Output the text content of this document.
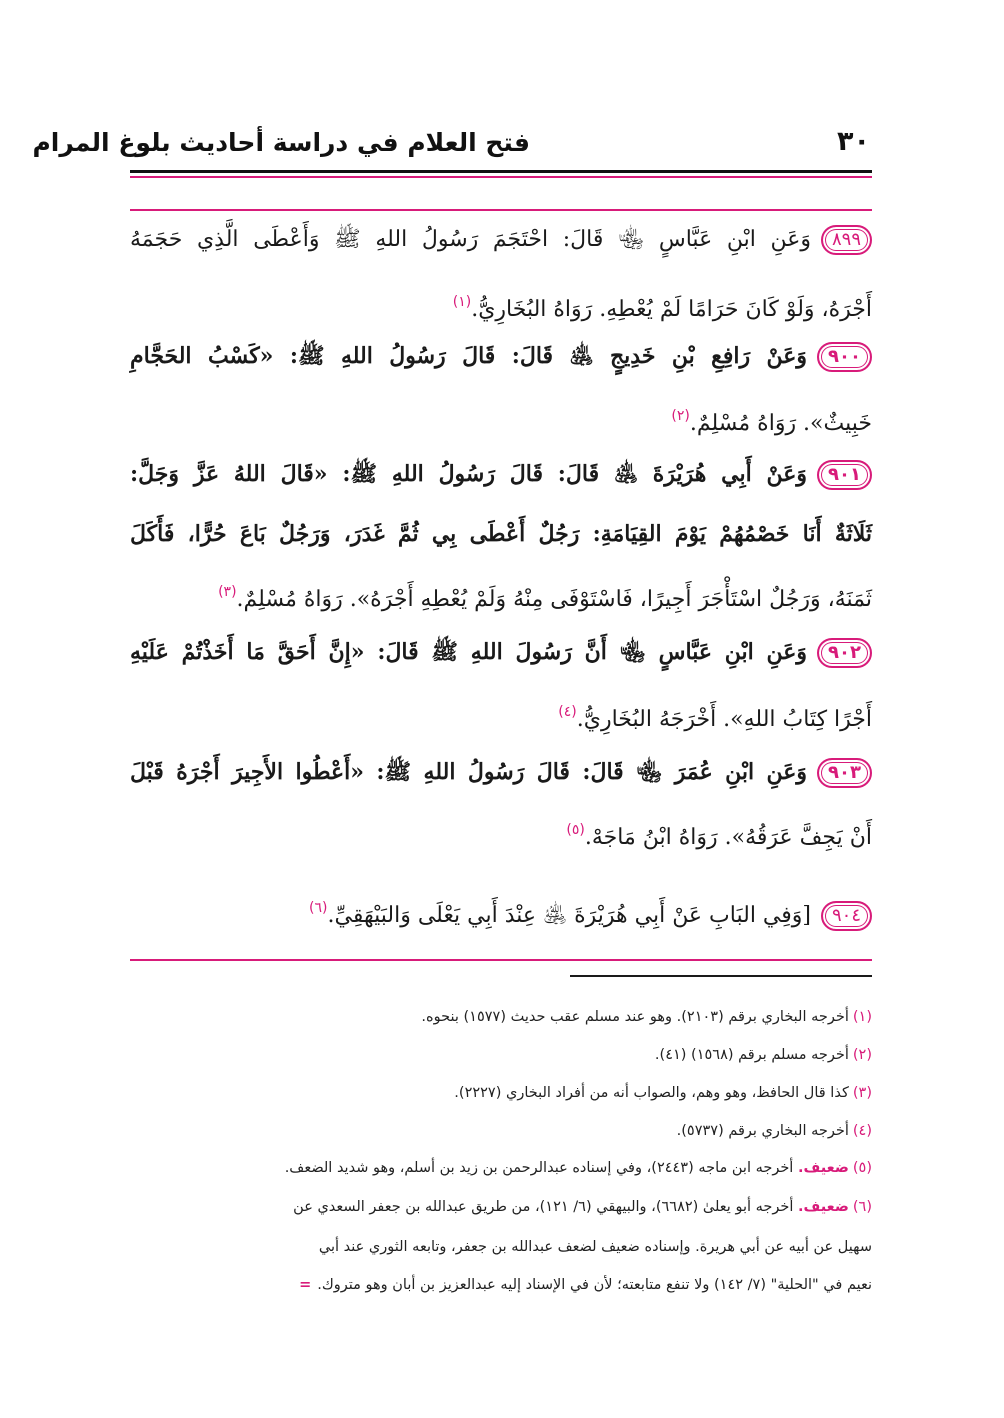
٣٠
فتح العلام في دراسة أحاديث بلوغ المرام
٨٩٩وَعَنِ ابْنِ عَبَّاسٍ ﵄ قَالَ: احْتَجَمَ رَسُولُ اللهِ ﷺ وَأَعْطَى الَّذِي حَجَمَهُ
أَجْرَهُ، وَلَوْ كَانَ حَرَامًا لَمْ يُعْطِهِ. رَوَاهُ البُخَارِيُّ.$^{(١)}$
٩٠٠وَعَنْ رَافِعِ بْنِ خَدِيجٍ ﵁ قَالَ: قَالَ رَسُولُ اللهِ ﷺ: «كَسْبُ الحَجَّامِ
خَبِيثٌ». رَوَاهُ مُسْلِمٌ.$^{(٢)}$
٩٠١وَعَنْ أَبِي هُرَيْرَةَ ﵁ قَالَ: قَالَ رَسُولُ اللهِ ﷺ: «قَالَ اللهُ عَزَّ وَجَلَّ:
ثَلَاثَةٌ أَنَا خَصْمُهُمْ يَوْمَ القِيَامَةِ: رَجُلٌ أَعْطَى بِي ثُمَّ غَدَرَ، وَرَجُلٌ بَاعَ حُرًّا، فَأَكَلَ
ثَمَنَهُ، وَرَجُلٌ اسْتَأْجَرَ أَجِيرًا، فَاسْتَوْفَى مِنْهُ وَلَمْ يُعْطِهِ أَجْرَهُ». رَوَاهُ مُسْلِمٌ.$^{(٣)}$
٩٠٢وَعَنِ ابْنِ عَبَّاسٍ ﵄ أَنَّ رَسُولَ اللهِ ﷺ قَالَ: «إِنَّ أَحَقَّ مَا أَخَذْتُمْ عَلَيْهِ
أَجْرًا كِتَابُ اللهِ». أَخْرَجَهُ البُخَارِيُّ.$^{(٤)}$
٩٠٣وَعَنِ ابْنِ عُمَرَ ﵄ قَالَ: قَالَ رَسُولُ اللهِ ﷺ: «أَعْطُوا الأَجِيرَ أَجْرَهُ قَبْلَ
أَنْ يَجِفَّ عَرَقُهُ». رَوَاهُ ابْنُ مَاجَهْ.$^{(٥)}$
٩٠٤[وَفِي البَابِ عَنْ أَبِي هُرَيْرَةَ ﵁ عِنْدَ أَبِي يَعْلَى وَالبَيْهَقِيِّ.$^{(٦)}$
(١)أخرجه البخاري برقم (٢١٠٣). وهو عند مسلم عقب حديث (١٥٧٧) بنحوه.
(٢)أخرجه مسلم برقم (١٥٦٨) (٤١).
(٣)كذا قال الحافظ، وهو وهم، والصواب أنه من أفراد البخاري (٢٢٢٧).
(٤)أخرجه البخاري برقم (٥٧٣٧).
(٥)ضعيف. أخرجه ابن ماجه (٢٤٤٣)، وفي إسناده عبدالرحمن بن زيد بن أسلم، وهو شديد الضعف.
(٦)ضعيف. أخرجه أبو يعلىٰ (٦٦٨٢)، والبيهقي (٦/ ١٢١)، من طريق عبدالله بن جعفر السعدي عن
سهيل عن أبيه عن أبي هريرة. وإسناده ضعيف لضعف عبدالله بن جعفر، وتابعه الثوري عند أبي
نعيم في "الحلية" (٧/ ١٤٢) ولا تنفع متابعته؛ لأن في الإسناد إليه عبدالعزيز بن أبان وهو متروك.=
